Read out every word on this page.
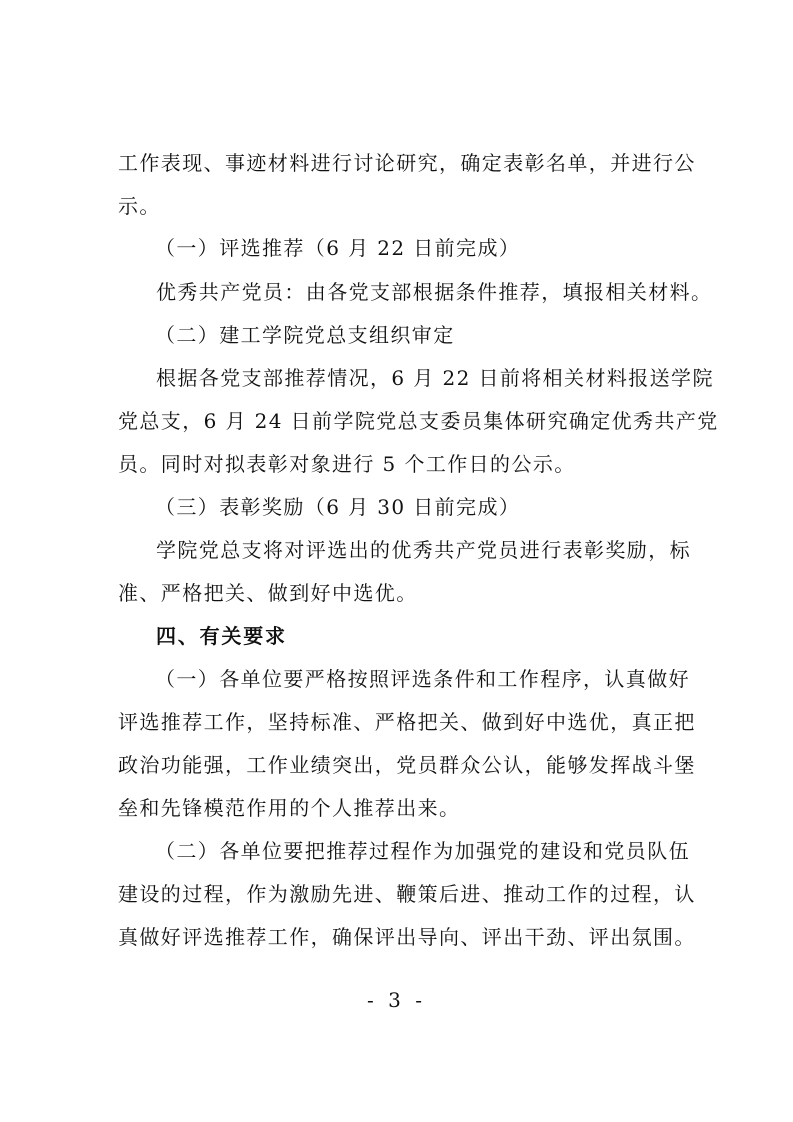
工作表现、事迹材料进行讨论研究，确定表彰名单，并进行公
示。
（一）评选推荐（6 月 22 日前完成）
优秀共产党员：由各党支部根据条件推荐，填报相关材料。
（二）建工学院党总支组织审定
根据各党支部推荐情况，6 月 22 日前将相关材料报送学院
党总支，6 月 24 日前学院党总支委员集体研究确定优秀共产党
员。同时对拟表彰对象进行 5 个工作日的公示。
（三）表彰奖励（6 月 30 日前完成）
学院党总支将对评选出的优秀共产党员进行表彰奖励，标
准、严格把关、做到好中选优。
四、有关要求
（一）各单位要严格按照评选条件和工作程序，认真做好
评选推荐工作，坚持标准、严格把关、做到好中选优，真正把
政治功能强，工作业绩突出，党员群众公认，能够发挥战斗堡
垒和先锋模范作用的个人推荐出来。
（二）各单位要把推荐过程作为加强党的建设和党员队伍
建设的过程，作为激励先进、鞭策后进、推动工作的过程，认
真做好评选推荐工作，确保评出导向、评出干劲、评出氛围。
- 3 -
